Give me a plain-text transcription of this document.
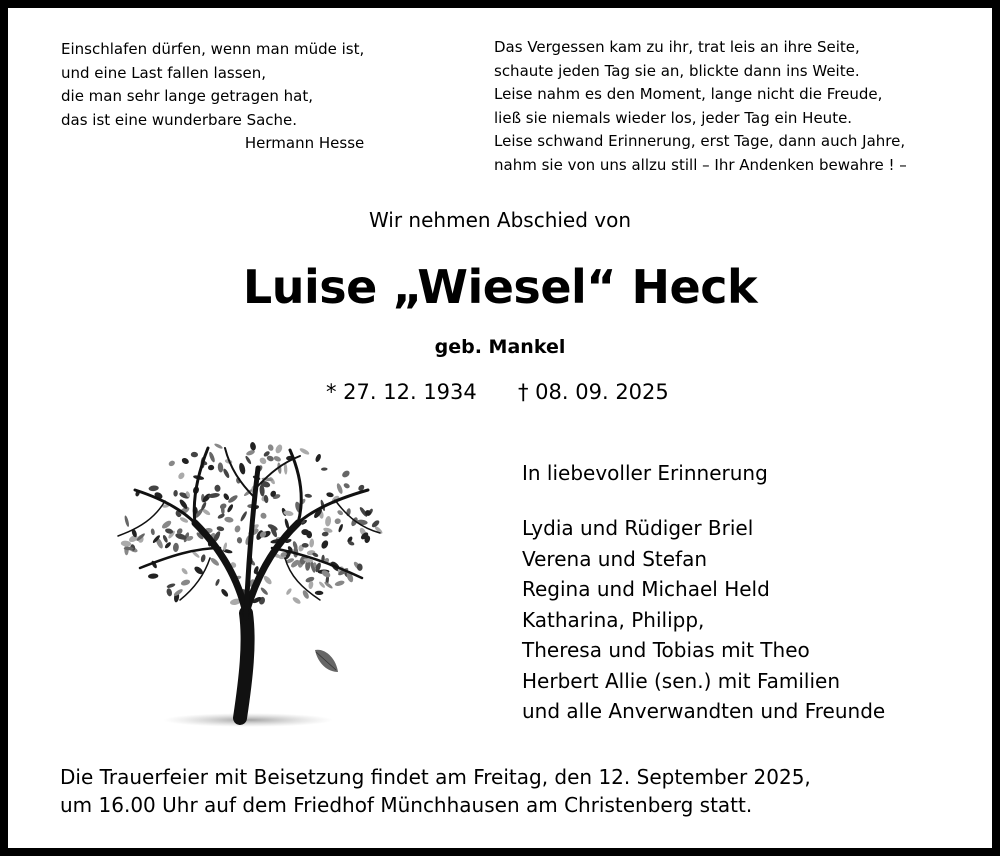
Einschlafen dürfen, wenn man müde ist,
und eine Last fallen lassen,
die man sehr lange getragen hat,
das ist eine wunderbare Sache.
Hermann Hesse
Das Vergessen kam zu ihr, trat leis an ihre Seite,
schaute jeden Tag sie an, blickte dann ins Weite.
Leise nahm es den Moment, lange nicht die Freude,
ließ sie niemals wieder los, jeder Tag ein Heute.
Leise schwand Erinnerung, erst Tage, dann auch Jahre,
nahm sie von uns allzu still – Ihr Andenken bewahre ! –
Wir nehmen Abschied von
Luise „Wiesel“ Heck
geb. Mankel
* 27. 12. 1934 † 08. 09. 2025
In liebevoller Erinnerung
Lydia und Rüdiger Briel
Verena und Stefan
Regina und Michael Held
Katharina, Philipp,
Theresa und Tobias mit Theo
Herbert Allie (sen.) mit Familien
und alle Anverwandten und Freunde
Die Trauerfeier mit Beisetzung findet am Freitag, den 12. September 2025,
um 16.00 Uhr auf dem Friedhof Münchhausen am Christenberg statt.
